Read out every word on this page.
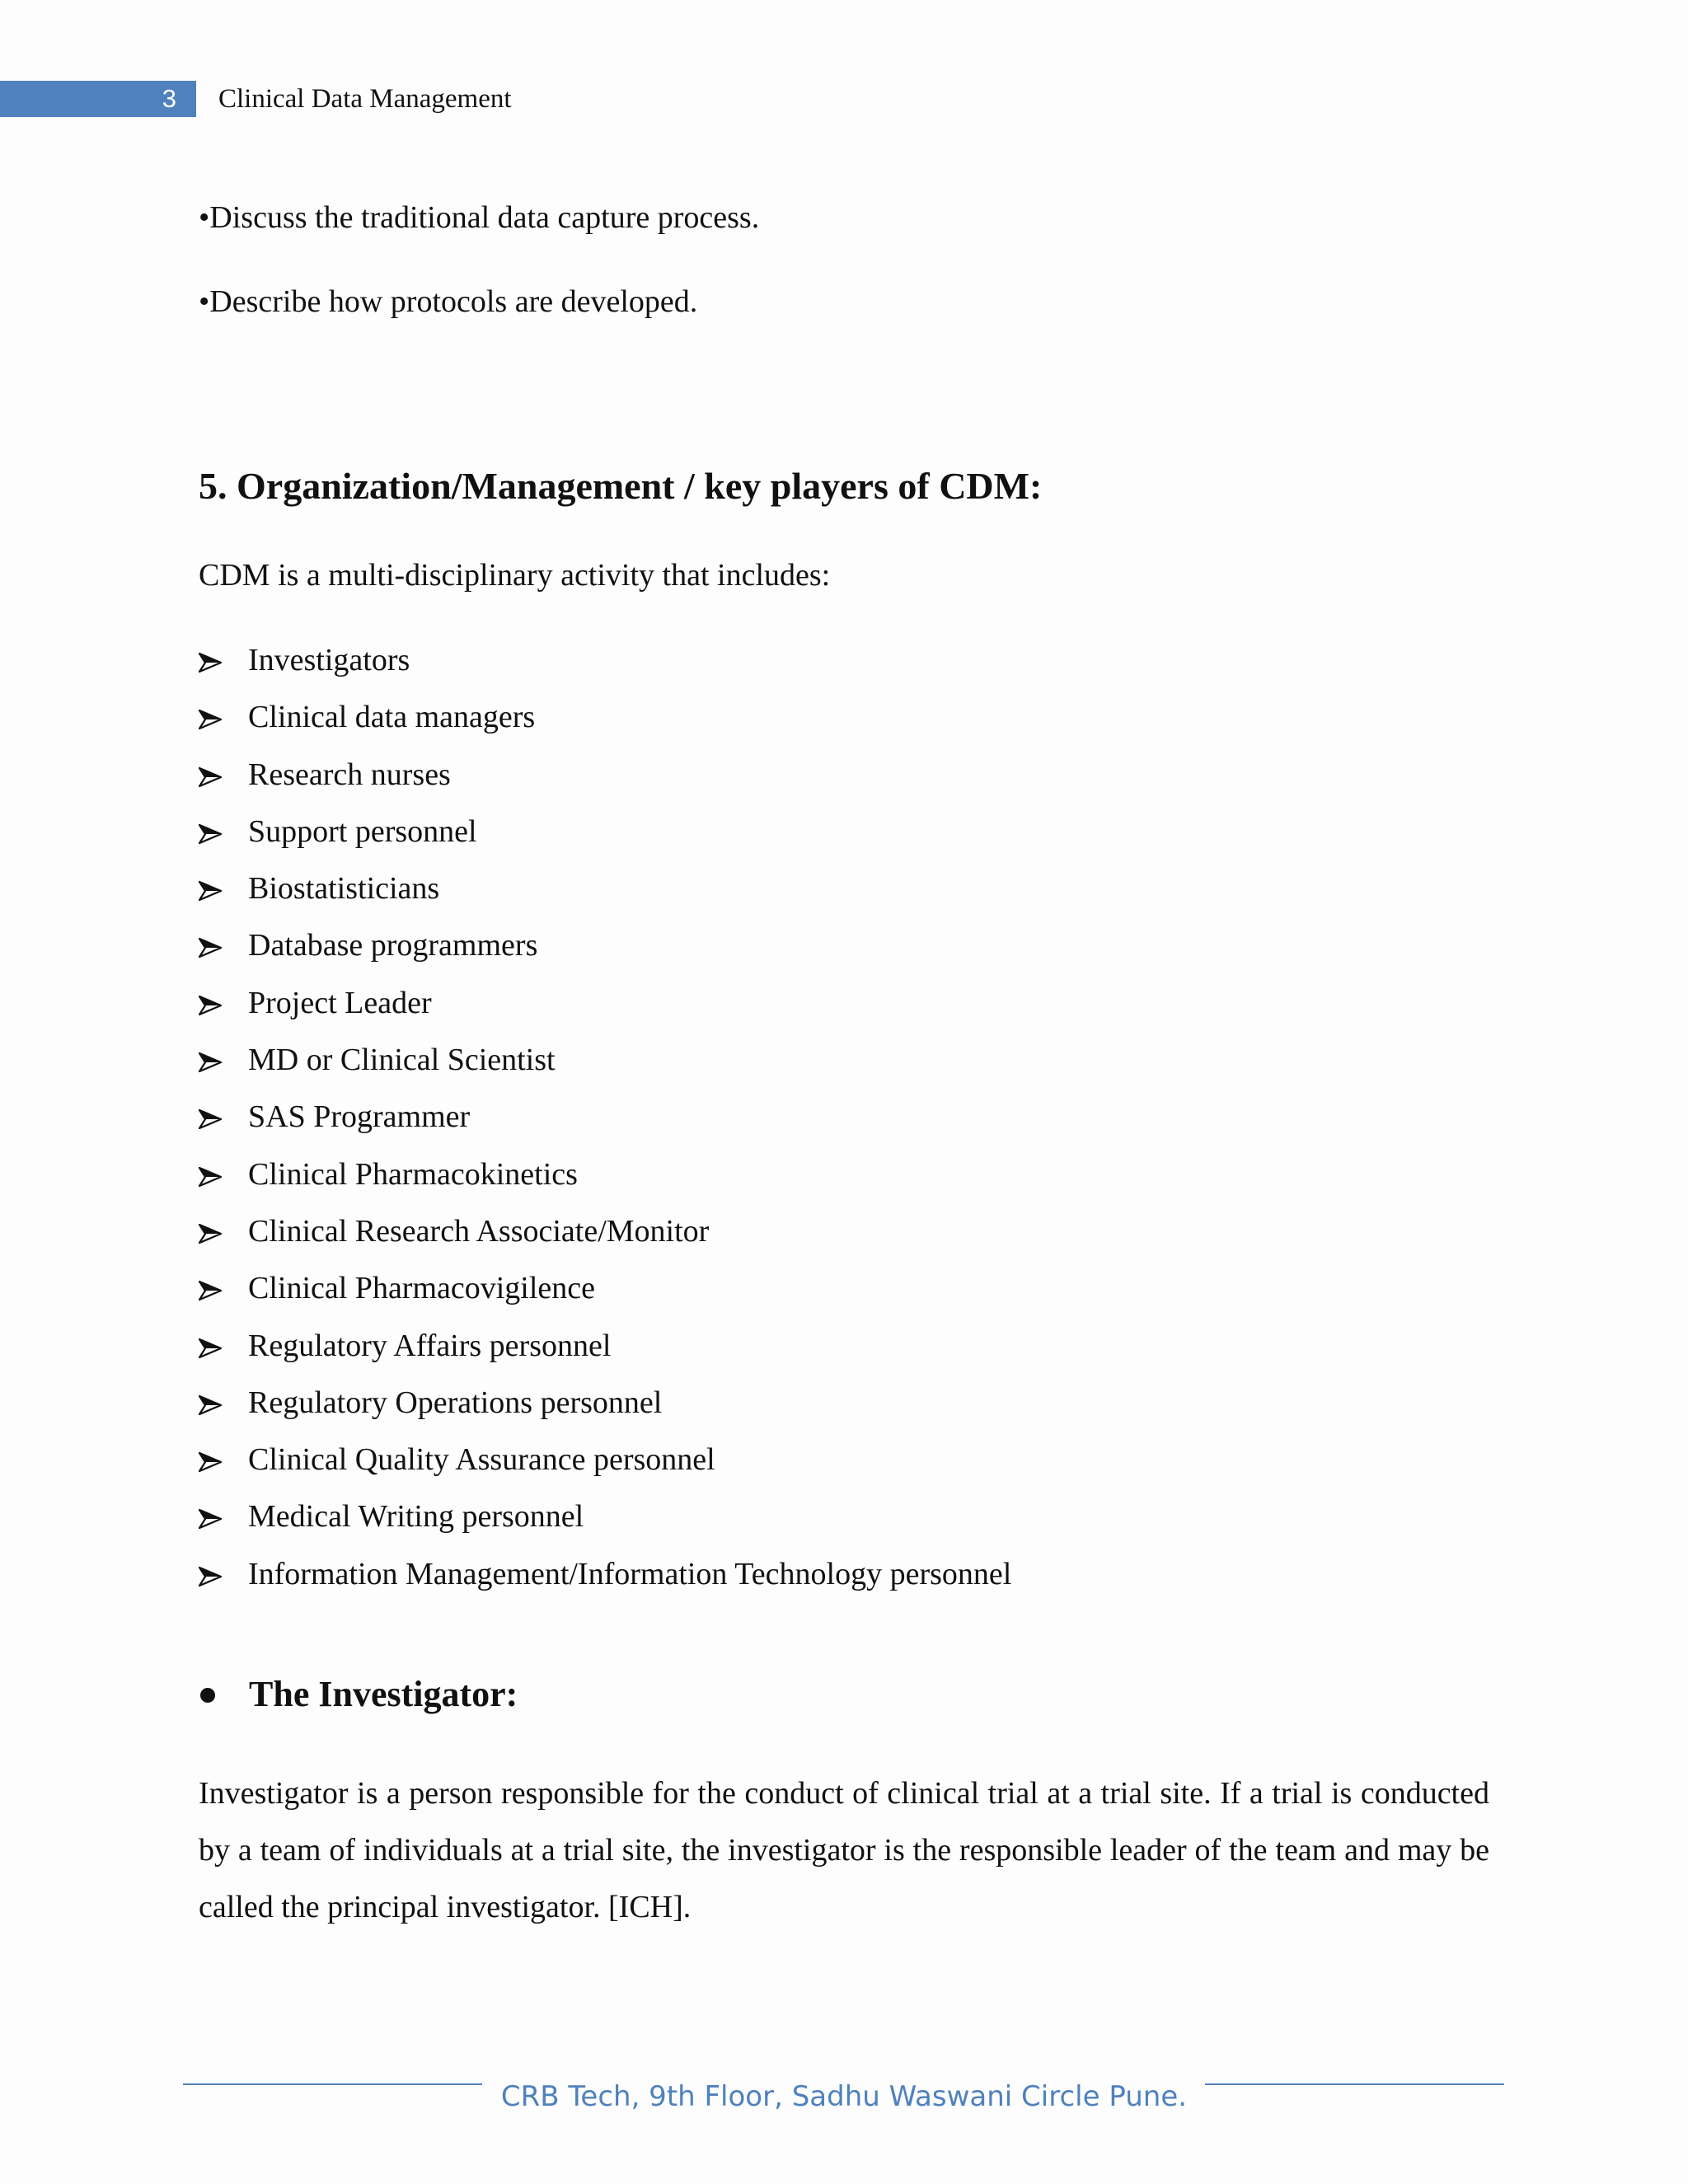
3 Clinical Data Management
•Discuss the traditional data capture process.
•Describe how protocols are developed.
5. Organization/Management / key players of CDM:

CDM is a multi-disciplinary activity that includes:

Investigators
Clinical data managers
Research nurses
Support personnel
Biostatisticians
Database programmers
Project Leader
MD or Clinical Scientist
SAS Programmer
Clinical Pharmacokinetics
Clinical Research Associate/Monitor
Clinical Pharmacovigilence
Regulatory Affairs personnel
Regulatory Operations personnel
Clinical Quality Assurance personnel
Medical Writing personnel
Information Management/Information Technology personnel
The Investigator:

Investigator is a person responsible for the conduct of clinical trial at a trial site. If a trial is conducted by a team of individuals at a trial site, the investigator is the responsible leader of the team and may be called the principal investigator. [ICH].

CRB Tech, 9th Floor, Sadhu Waswani Circle Pune.
